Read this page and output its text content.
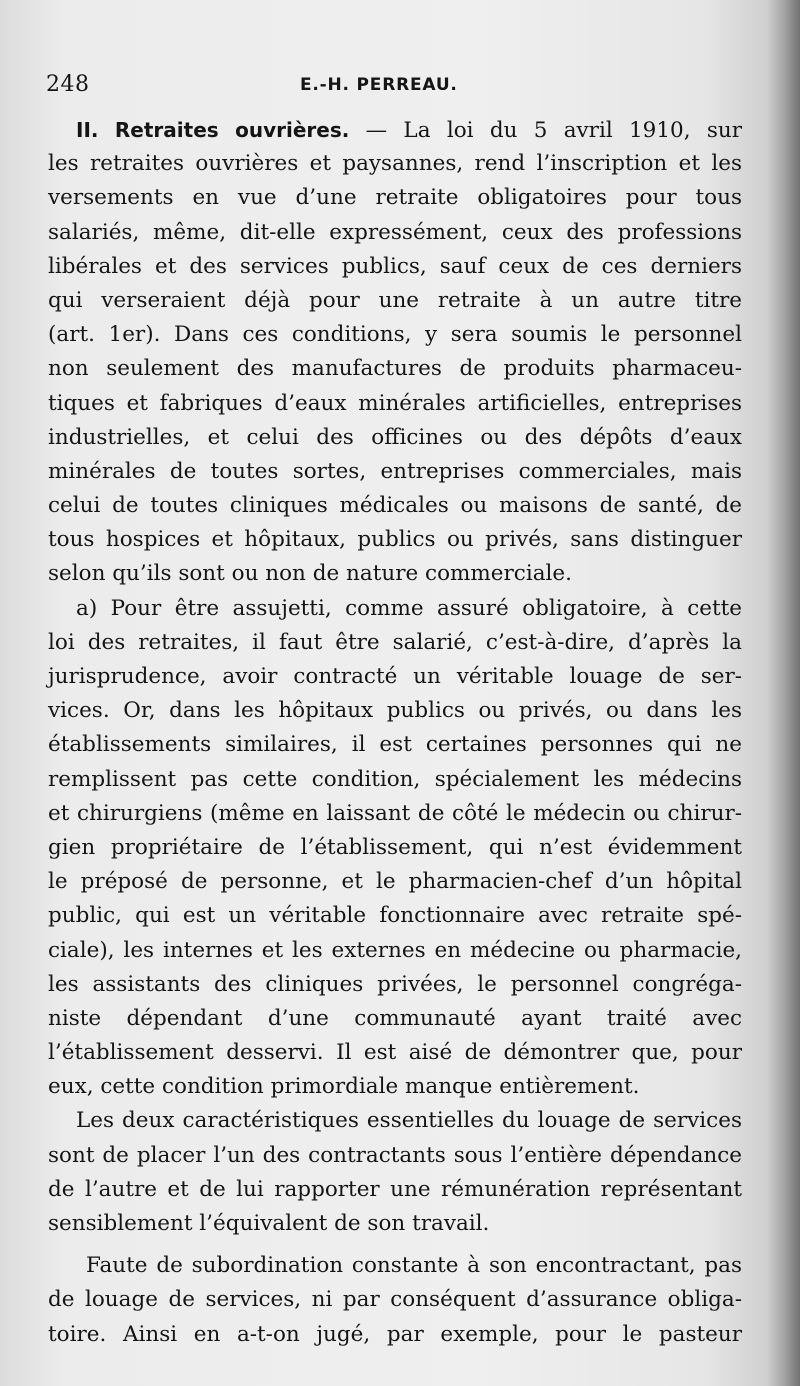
248	E.-H. PERREAU.
II. Retraites ouvrières. — La loi du 5 avril 1910, sur
les retraites ouvrières et paysannes, rend l’inscription et les
versements en vue d’une retraite obligatoires pour tous
salariés, même, dit-elle expressément, ceux des professions
libérales et des services publics, sauf ceux de ces derniers
qui verseraient déjà pour une retraite à un autre titre
(art. 1er). Dans ces conditions, y sera soumis le personnel
non seulement des manufactures de produits pharmaceu-
tiques et fabriques d’eaux minérales artificielles, entreprises
industrielles, et celui des officines ou des dépôts d’eaux
minérales de toutes sortes, entreprises commerciales, mais
celui de toutes cliniques médicales ou maisons de santé, de
tous hospices et hôpitaux, publics ou privés, sans distinguer
selon qu’ils sont ou non de nature commerciale.
a) Pour être assujetti, comme assuré obligatoire, à cette
loi des retraites, il faut être salarié, c’est-à-dire, d’après la
jurisprudence, avoir contracté un véritable louage de ser-
vices. Or, dans les hôpitaux publics ou privés, ou dans les
établissements similaires, il est certaines personnes qui ne
remplissent pas cette condition, spécialement les médecins
et chirurgiens (même en laissant de côté le médecin ou chirur-
gien propriétaire de l’établissement, qui n’est évidemment
le préposé de personne, et le pharmacien-chef d’un hôpital
public, qui est un véritable fonctionnaire avec retraite spé-
ciale), les internes et les externes en médecine ou pharmacie,
les assistants des cliniques privées, le personnel congréga-
niste dépendant d’une communauté ayant traité avec
l’établissement desservi. Il est aisé de démontrer que, pour
eux, cette condition primordiale manque entièrement.
Les deux caractéristiques essentielles du louage de services
sont de placer l’un des contractants sous l’entière dépendance
de l’autre et de lui rapporter une rémunération représentant
sensiblement l’équivalent de son travail.
Faute de subordination constante à son encontractant, pas
de louage de services, ni par conséquent d’assurance obliga-
toire. Ainsi en a-t-on jugé, par exemple, pour le pasteur
